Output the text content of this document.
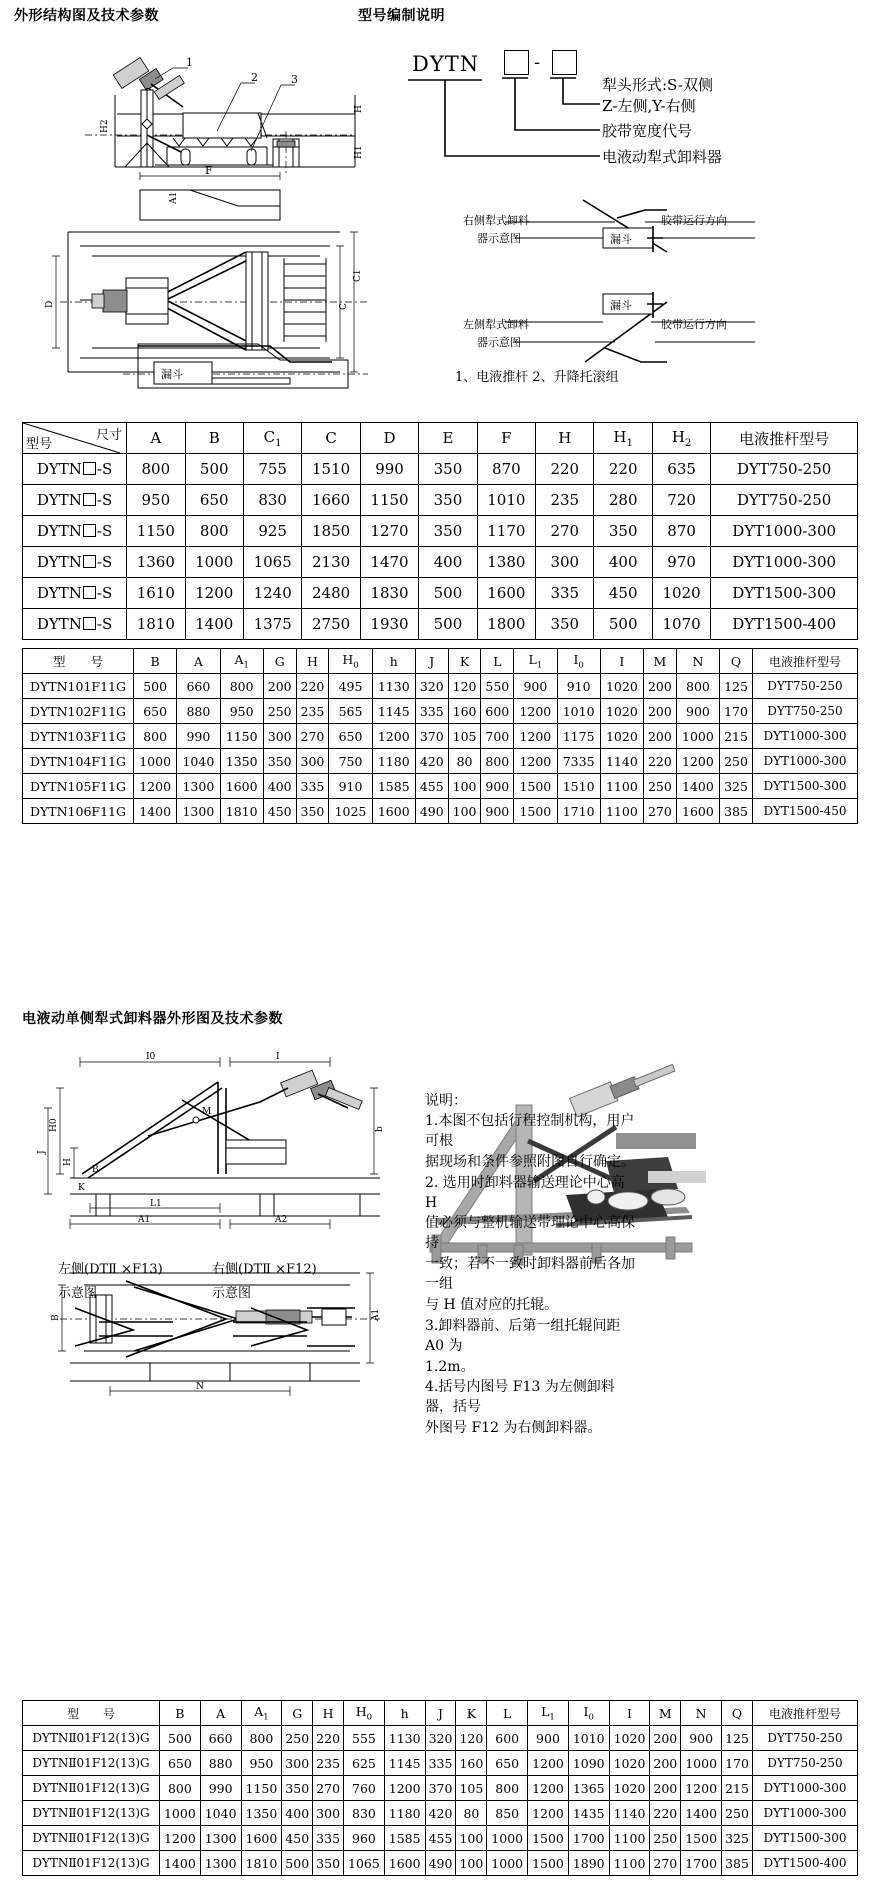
外形结构图及技术参数	型号编制说明
电液动单侧犁式卸料器外形图及技术参数
1
2	3
H2
H
H1
F
A1
C1
C
D
漏斗
DYTN	-
犁头形式:S-双侧
Z-左侧,Y-右侧
胶带宽度代号
电液动犁式卸料器
漏斗
右侧犁式卸料
器示意图
胶带运行方向
漏斗
左侧犁式卸料
器示意图
胶带运行方向
1、电液推杆 2、升降托滚组
尺寸
型号	A	B	$C_1$	C	D	E	F	H	$H_1$	$H_2$	电液推杆型号
DYTN -S	800	500	755	1510	990	350	870	220	220	635	DYT750-250
DYTN -S	950	650	830	1660	1150	350	1010	235	280	720	DYT750-250
DYTN -S	1150	800	925	1850	1270	350	1170	270	350	870	DYT1000-300
DYTN -S	1360	1000	1065	2130	1470	400	1380	300	400	970	DYT1000-300
DYTN -S	1610	1200	1240	2480	1830	500	1600	335	450	1020	DYT1500-300
DYTN -S	1810	1400	1375	2750	1930	500	1800	350	500	1070	DYT1500-400
型　　号	B	A	$A_1$	G	H	$H_0$	h	J	K	L	$L_1$	$I_0$	I	M	N	Q	电液推杆型号
DYTN101F11G	500	660	800	200	220	495	1130	320	120	550	900	910	1020	200	800	125	DYT750-250
DYTN102F11G	650	880	950	250	235	565	1145	335	160	600	1200	1010	1020	200	900	170	DYT750-250
DYTN103F11G	800	990	1150	300	270	650	1200	370	105	700	1200	1175	1020	200	1000	215	DYT1000-300
DYTN104F11G	1000	1040	1350	350	300	750	1180	420	80	800	1200	7335	1140	220	1200	250	DYT1000-300
DYTN105F11G	1200	1300	1600	400	335	910	1585	455	100	900	1500	1510	1100	250	1400	325	DYT1500-300
DYTN106F11G	1400	1300	1810	450	350	1025	1600	490	100	900	1500	1710	1100	270	1600	385	DYT1500-450
I0	I
H0
J
H
b
M
B
K
L1
A2
A1
B	A1
N
左侧(DTⅡ ×F13)
示意图
右侧(DTⅡ ×F12)
示意图
说明：
1.本图不包括行程控制机构，用户可根
据现场和条件参照附图自行确定。
2. 选用时卸料器输送理论中心高 H
值必须与整机输送带理论中心高保持
一致；若不一致时卸料器前后各加一组
与 H 值对应的托辊。
3.卸料器前、后第一组托辊间距 A0 为
1.2m。
4.括号内图号 F13 为左侧卸料器，括号
外图号 F12 为右侧卸料器。
型　　号	B	A	$A_1$	G	H	$H_0$	h	J	K	L	$L_1$	$I_0$	I	M	N	Q	电液推杆型号
DYTNⅡ01F12(13)G	500	660	800	250	220	555	1130	320	120	600	900	1010	1020	200	900	125	DYT750-250
DYTNⅡ01F12(13)G	650	880	950	300	235	625	1145	335	160	650	1200	1090	1020	200	1000	170	DYT750-250
DYTNⅡ01F12(13)G	800	990	1150	350	270	760	1200	370	105	800	1200	1365	1020	200	1200	215	DYT1000-300
DYTNⅡ01F12(13)G	1000	1040	1350	400	300	830	1180	420	80	850	1200	1435	1140	220	1400	250	DYT1000-300
DYTNⅡ01F12(13)G	1200	1300	1600	450	335	960	1585	455	100	1000	1500	1700	1100	250	1500	325	DYT1500-300
DYTNⅡ01F12(13)G	1400	1300	1810	500	350	1065	1600	490	100	1000	1500	1890	1100	270	1700	385	DYT1500-400
